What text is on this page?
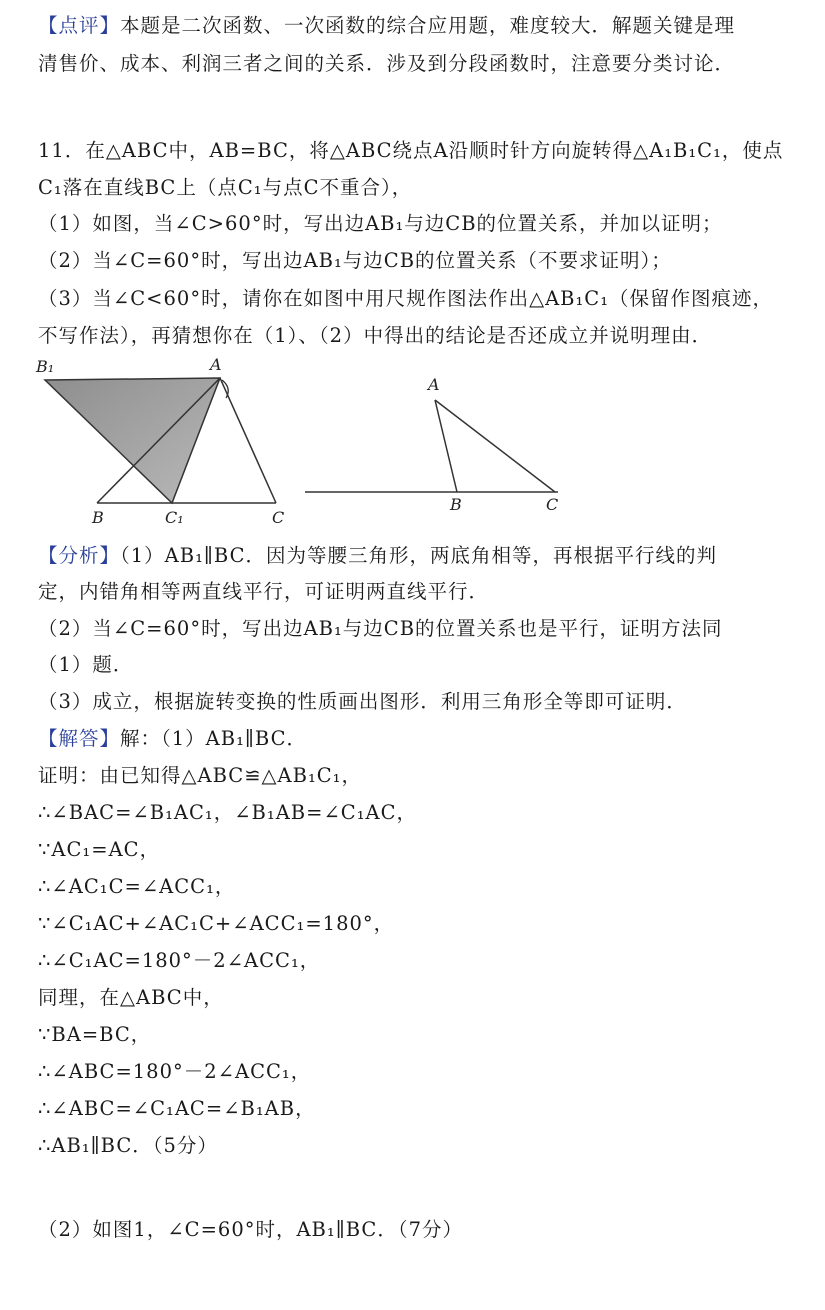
【点评】本题是二次函数、一次函数的综合应用题，难度较大．解题关键是理
清售价、成本、利润三者之间的关系．涉及到分段函数时，注意要分类讨论．
11．在△ABC中，AB=BC，将△ABC绕点A沿顺时针方向旋转得△A₁B₁C₁，使点
C₁落在直线BC上（点C₁与点C不重合），
（1）如图，当∠C>60°时，写出边AB₁与边CB的位置关系，并加以证明；
（2）当∠C=60°时，写出边AB₁与边CB的位置关系（不要求证明）；
（3）当∠C<60°时，请你在如图中用尺规作图法作出△AB₁C₁（保留作图痕迹，
不写作法），再猜想你在（1）、（2）中得出的结论是否还成立并说明理由．
B₁	A
B	C₁	C
A
B	C
【分析】（1）AB₁∥BC．因为等腰三角形，两底角相等，再根据平行线的判
定，内错角相等两直线平行，可证明两直线平行．
（2）当∠C=60°时，写出边AB₁与边CB的位置关系也是平行，证明方法同
（1）题．
（3）成立，根据旋转变换的性质画出图形．利用三角形全等即可证明．
【解答】解：（1）AB₁∥BC．
证明：由已知得△ABC≌△AB₁C₁，
∴∠BAC=∠B₁AC₁，∠B₁AB=∠C₁AC，
∵AC₁=AC，
∴∠AC₁C=∠ACC₁，
∵∠C₁AC+∠AC₁C+∠ACC₁=180°，
∴∠C₁AC=180°－2∠ACC₁，
同理，在△ABC中，
∵BA=BC，
∴∠ABC=180°－2∠ACC₁，
∴∠ABC=∠C₁AC=∠B₁AB，
∴AB₁∥BC．（5分）
（2）如图1，∠C=60°时，AB₁∥BC．（7分）
